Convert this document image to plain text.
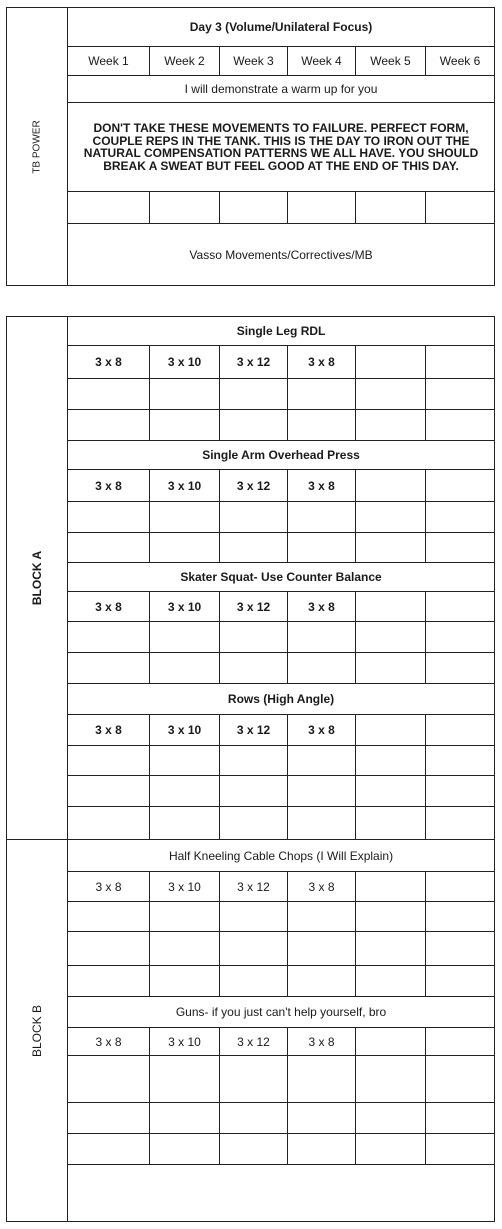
TB POWER	Day 3 (Volume/Unilateral Focus)					
	Week 1	Week 2	Week 3	Week 4	Week 5	Week 6
	I will demonstrate a warm up for you					
	DON'T TAKE THESE MOVEMENTS TO FAILURE. PERFECT FORM, COUPLE REPS IN THE TANK. THIS IS THE DAY TO IRON OUT THE NATURAL COMPENSATION PATTERNS WE ALL HAVE. YOU SHOULD BREAK A SWEAT BUT FEEL GOOD AT THE END OF THIS DAY.					

	Vasso Movements/Correctives/MB					
BLOCK A	Single Leg RDL					
	3 x 8	3 x 10	3 x 12	3 x 8		

	Single Arm Overhead Press					
	3 x 8	3 x 10	3 x 12	3 x 8		

	Skater Squat- Use Counter Balance					
	3 x 8	3 x 10	3 x 12	3 x 8		

	Rows (High Angle)					
	3 x 8	3 x 10	3 x 12	3 x 8		

BLOCK B	Half Kneeling Cable Chops (I Will Explain)					
	3 x 8	3 x 10	3 x 12	3 x 8		

	Guns- if you just can't help yourself, bro					
	3 x 8	3 x 10	3 x 12	3 x 8		
